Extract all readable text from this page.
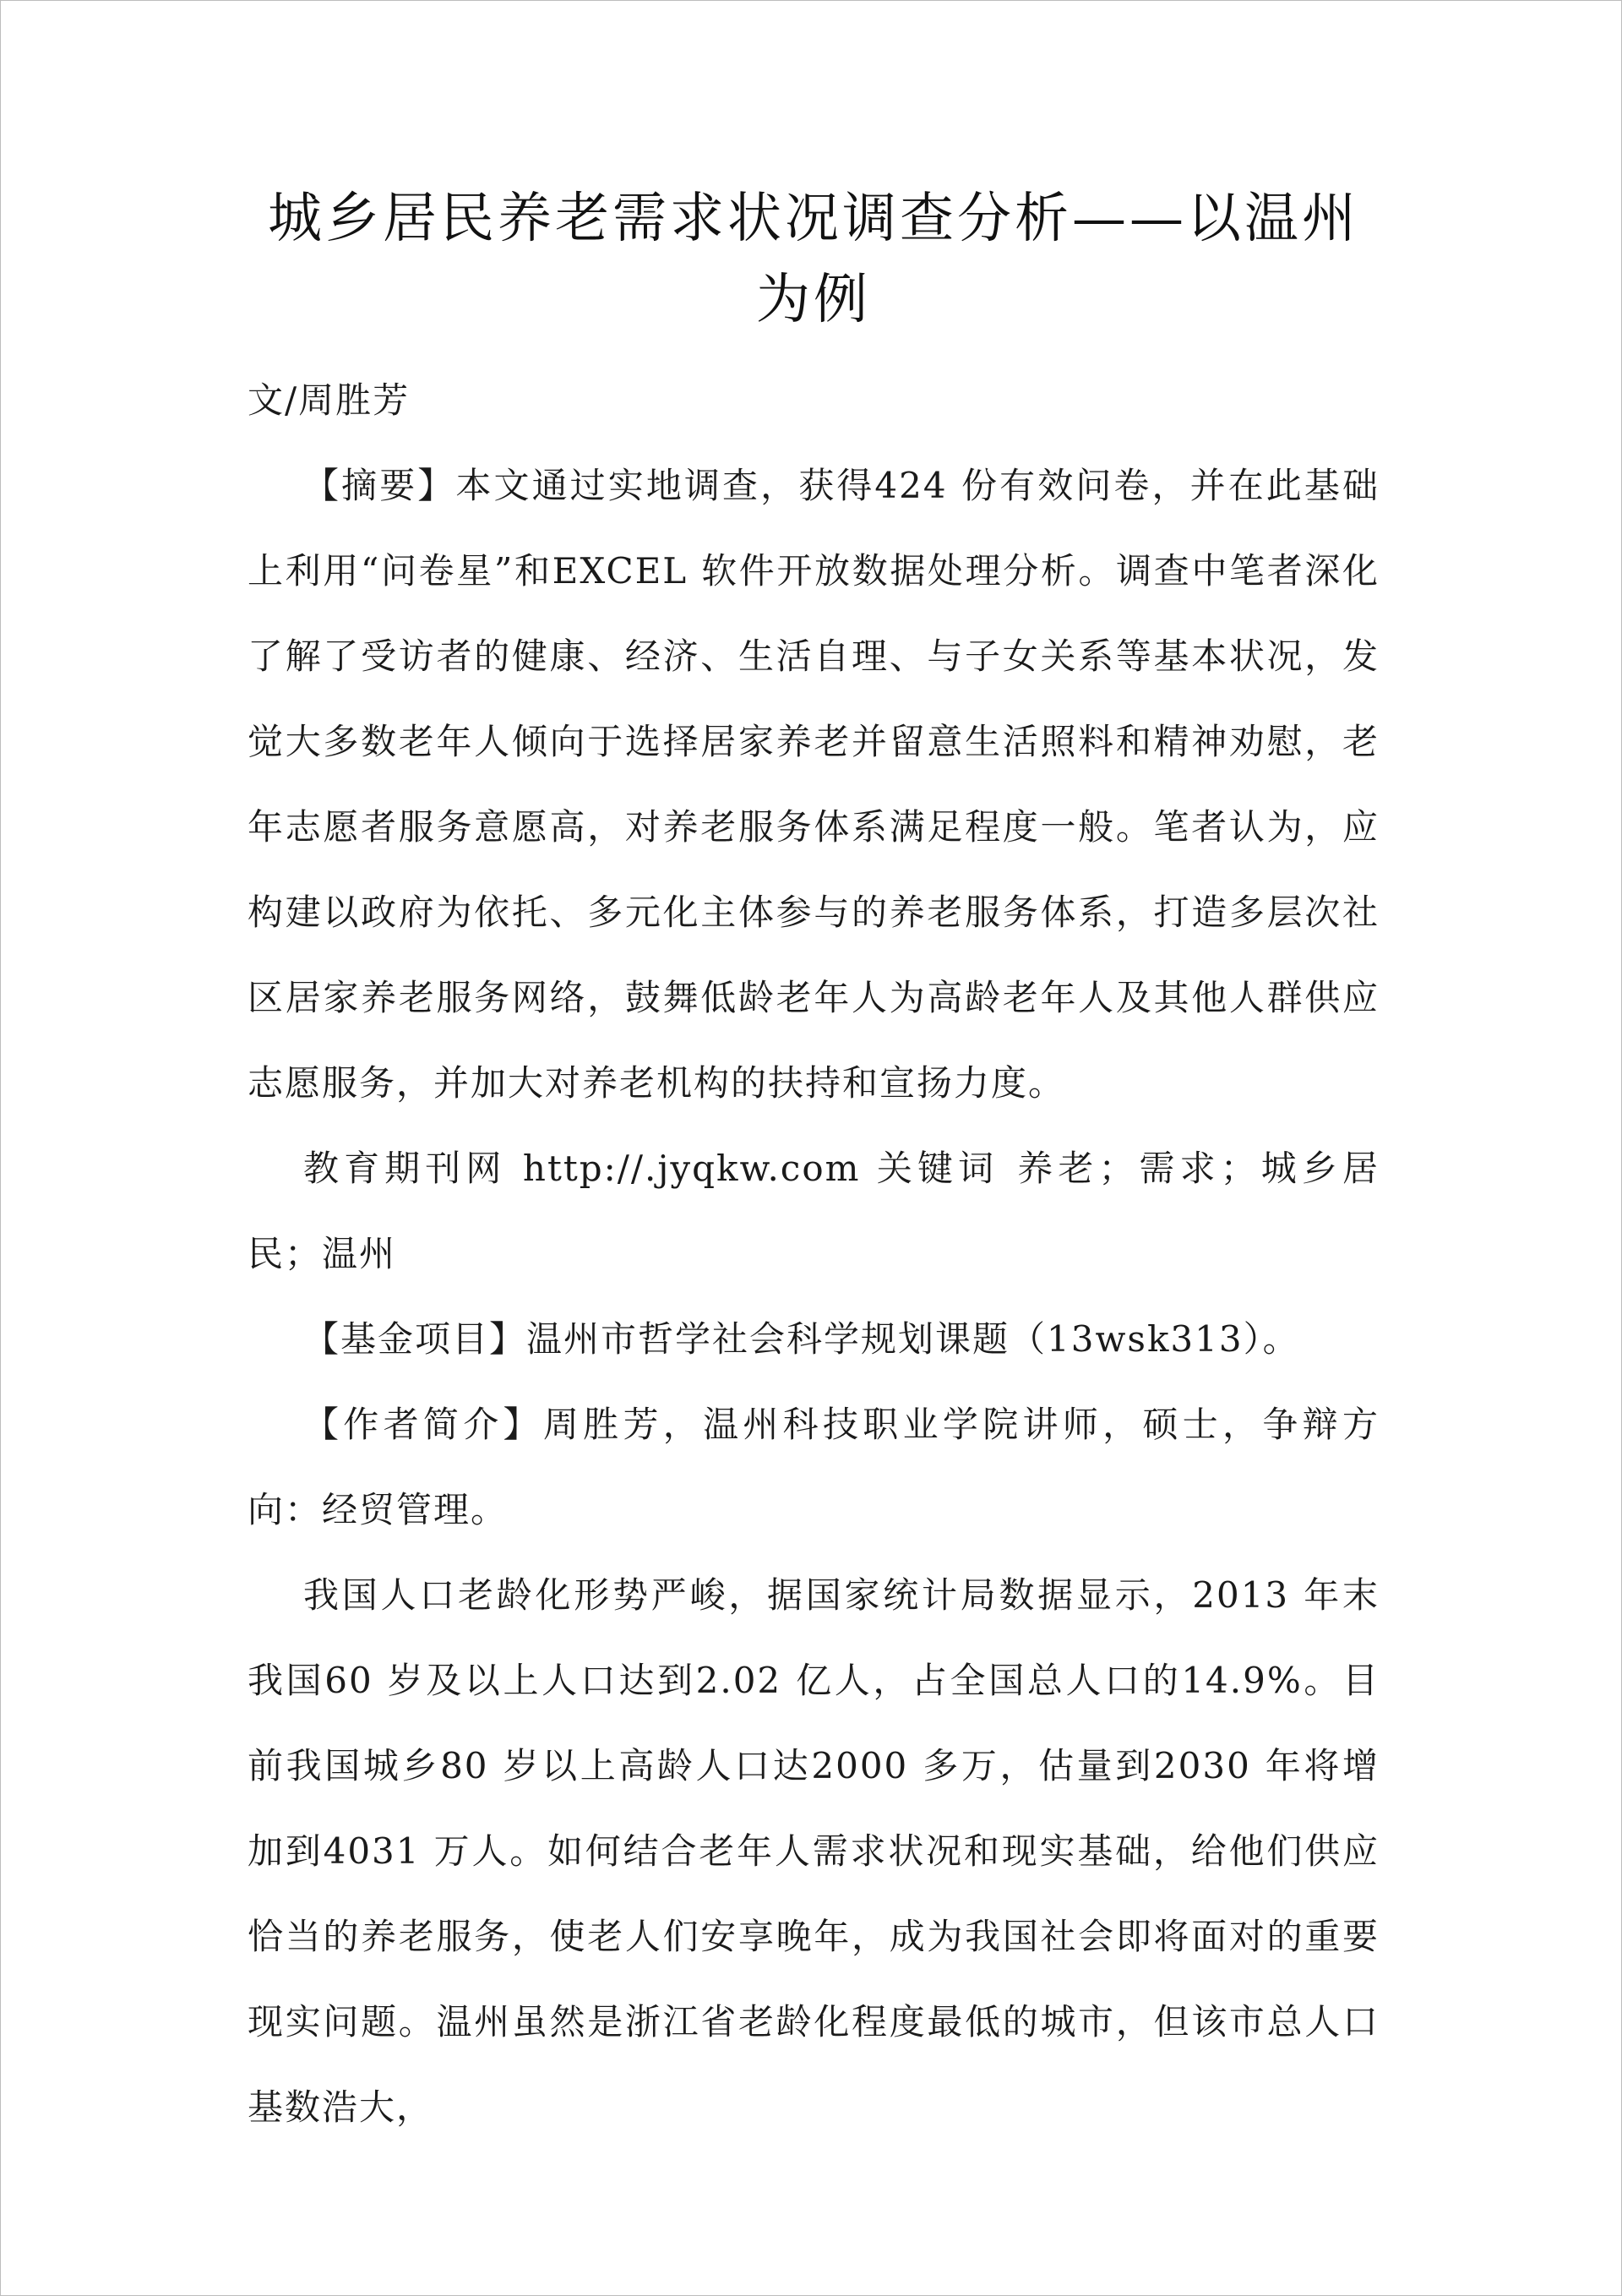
城乡居民养老需求状况调查分析——以温州为例

文/周胜芳

【摘要】本文通过实地调查，获得424 份有效问卷，并在此基础上利用“问卷星”和EXCEL 软件开放数据处理分析。调查中笔者深化了解了受访者的健康、经济、生活自理、与子女关系等基本状况，发觉大多数老年人倾向于选择居家养老并留意生活照料和精神劝慰，老年志愿者服务意愿高，对养老服务体系满足程度一般。笔者认为，应构建以政府为依托、多元化主体参与的养老服务体系，打造多层次社区居家养老服务网络，鼓舞低龄老年人为高龄老年人及其他人群供应志愿服务，并加大对养老机构的扶持和宣扬力度。

教育期刊网 http://.jyqkw.com 关键词 养老；需求；城乡居民；温州

【基金项目】温州市哲学社会科学规划课题（13wsk313）。

【作者简介】周胜芳，温州科技职业学院讲师，硕士，争辩方向：经贸管理。

我国人口老龄化形势严峻，据国家统计局数据显示，2013 年末我国60 岁及以上人口达到2.02 亿人，占全国总人口的14.9%。目前我国城乡80 岁以上高龄人口达2000 多万，估量到2030 年将增加到4031 万人。如何结合老年人需求状况和现实基础，给他们供应恰当的养老服务，使老人们安享晚年，成为我国社会即将面对的重要现实问题。温州虽然是浙江省老龄化程度最低的城市，但该市总人口基数浩大，
